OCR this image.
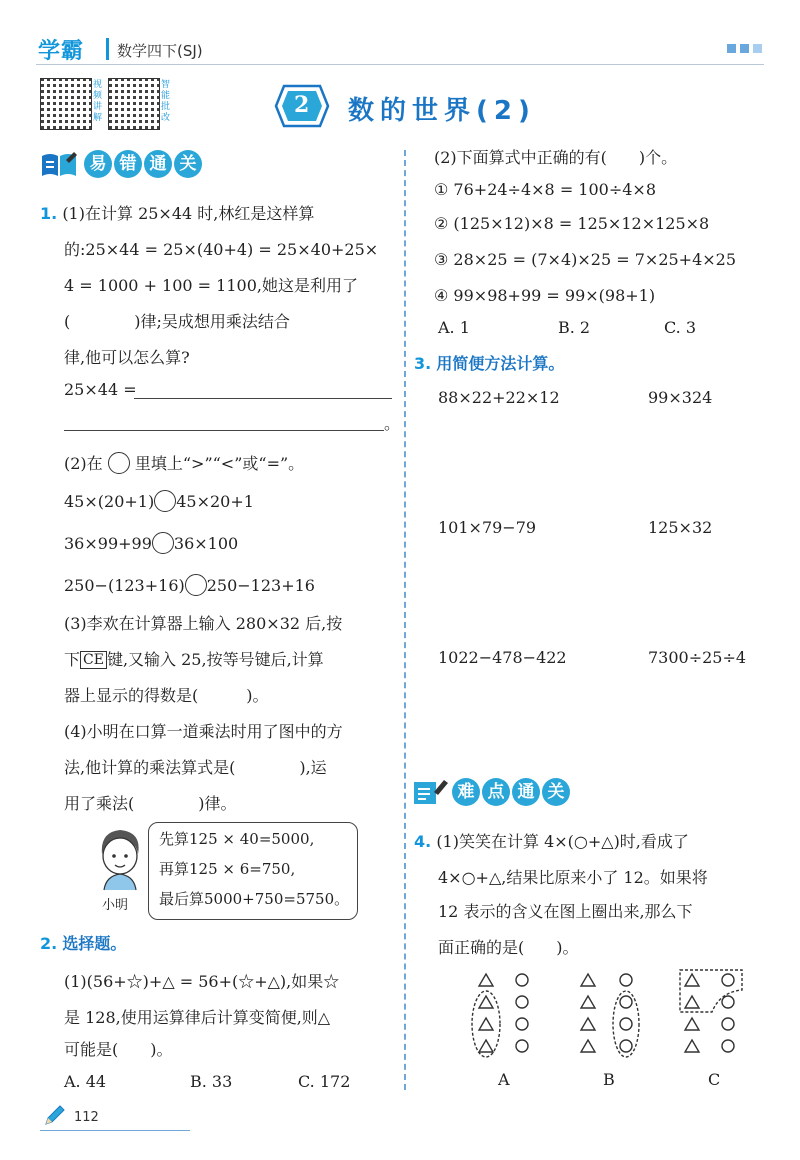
学霸 数学四下(SJ)
视频讲解
智能批改	2 数的世界(2)
易 错 通 关
1. (1)在计算 25×44 时,林红是这样算
的:25×44 = 25×(40+4) = 25×40+25×
4 = 1000 + 100 = 1100,她这是利用了
(　　　　)律;吴成想用乘法结合
律,他可以怎么算?
25×44 =
。
(2)在 里填上“>”“<”或“=”。
45×(20+1) 45×20+1
36×99+99 36×100
250−(123+16) 250−123+16
(3)李欢在计算器上输入 280×32 后,按
下 CE 键,又输入 25,按等号键后,计算
器上显示的得数是(　　　)。
(4)小明在口算一道乘法时用了图中的方
法,他计算的乘法算式是(　　　　),运
用了乘法(　　　　)律。
小明
先算125 × 40=5000,
再算125 × 6=750,
最后算5000+750=5750。
2. 选择题。
(1)(56+☆)+△ = 56+(☆+△),如果☆
是 128,使用运算律后计算变简便,则△
可能是(　　)。
A. 44	B. 33	C. 172
(2)下面算式中正确的有(　　)个。
① 76+24÷4×8 = 100÷4×8
② (125×12)×8 = 125×12×125×8
③ 28×25 = (7×4)×25 = 7×25+4×25
④ 99×98+99 = 99×(98+1)
A. 1	B. 2	C. 3
3. 用简便方法计算。
88×22+22×12	99×324
101×79−79	125×32
1022−478−422	7300÷25÷4
难 点 通 关
4. (1)笑笑在计算 4×(○+△)时,看成了
4×○+△,结果比原来小了 12。如果将
12 表示的含义在图上圈出来,那么下
面正确的是(　　)。
A	B	C
112
